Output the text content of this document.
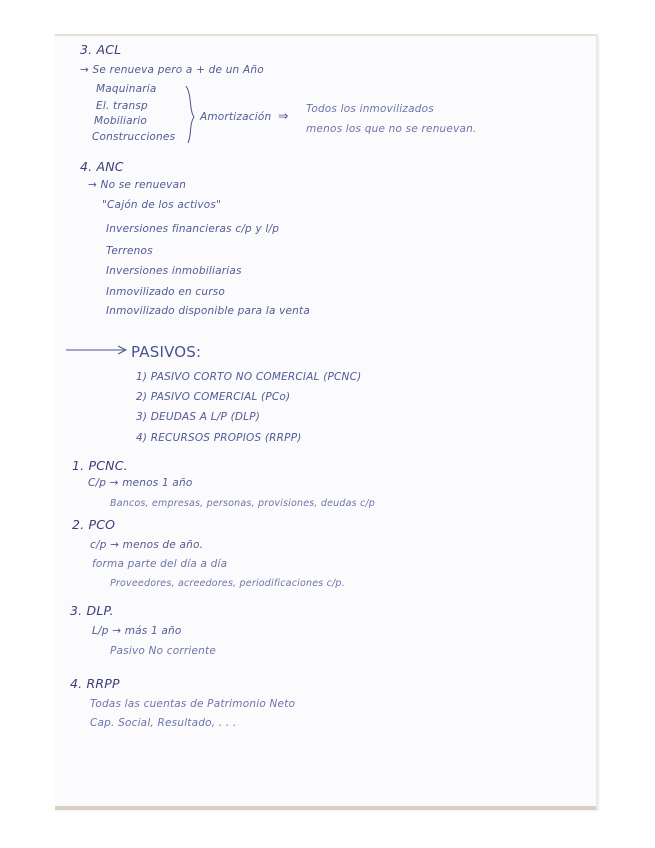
3. ACL
→ Se renueva pero a + de un Año
Maquinaria
El. transp
Mobiliario
Construcciones
Amortización ⇒ Todos los inmovilizados
menos los que no se renuevan.
4. ANC
→ No se renuevan
"Cajón de los activos"
Inversiones financieras c/p y l/p
Terrenos
Inversiones inmobiliarias
Inmovilizado en curso
Inmovilizado disponible para la venta
PASIVOS:
1) PASIVO CORTO NO COMERCIAL (PCNC)
2) PASIVO COMERCIAL (PCo)
3) DEUDAS A L/P (DLP)
4) RECURSOS PROPIOS (RRPP)
1. PCNC.
C/p → menos 1 año
Bancos, empresas, personas, provisiones, deudas c/p
2. PCO
c/p → menos de año.
forma parte del día a día
Proveedores, acreedores, periodificaciones c/p.
3. DLP.
L/p → más 1 año
Pasivo No corriente
4. RRPP
Todas las cuentas de Patrimonio Neto
Cap. Social, Resultado, . . .
